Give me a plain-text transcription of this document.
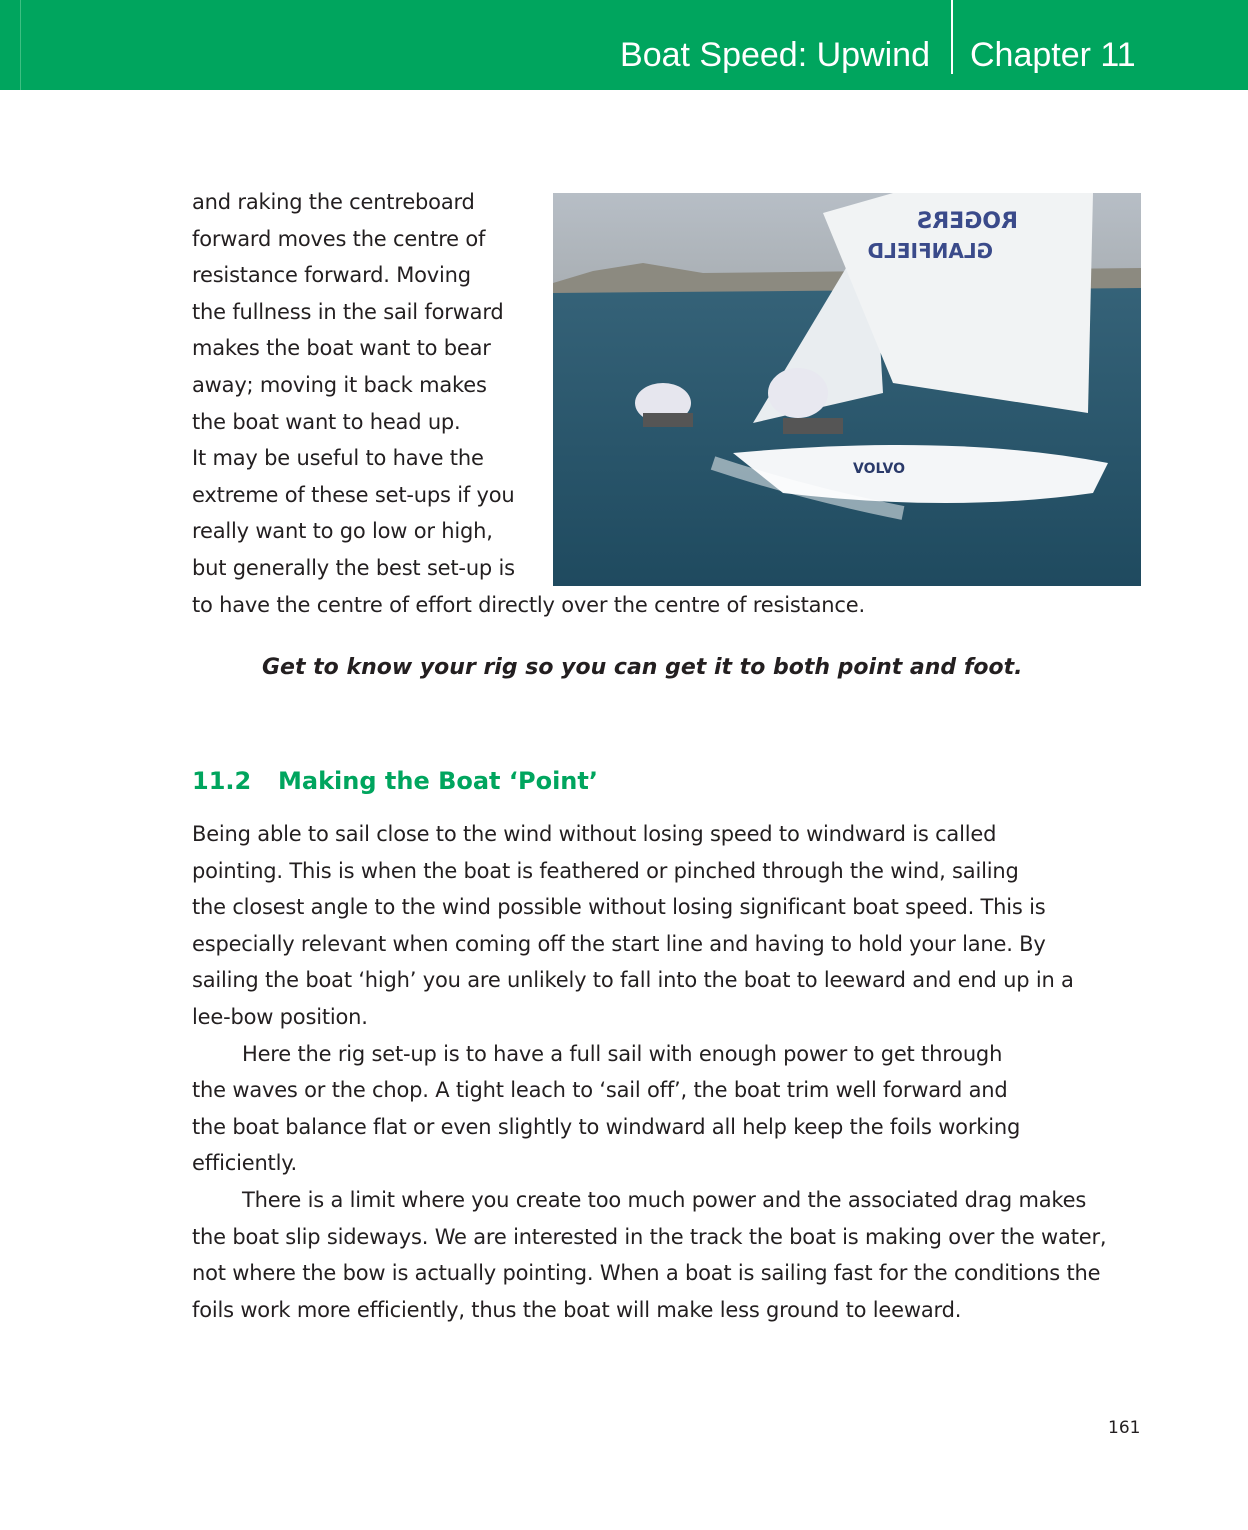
Boat Speed: Upwind Chapter 11
and raking the centreboard
forward moves the centre of
resistance forward. Moving
the fullness in the sail forward
makes the boat want to bear
away; moving it back makes
the boat want to head up.
It may be useful to have the
extreme of these set-ups if you
really want to go low or high,
but generally the best set-up is
to have the centre of effort directly over the centre of resistance.
ROGERS
GLANFIELD
VOLVO
Get to know your rig so you can get it to both point and foot.
11.2 Making the Boat ‘Point’
Being able to sail close to the wind without losing speed to windward is called
pointing. This is when the boat is feathered or pinched through the wind, sailing
the closest angle to the wind possible without losing significant boat speed. This is
especially relevant when coming off the start line and having to hold your lane. By
sailing the boat ‘high’ you are unlikely to fall into the boat to leeward and end up in a
lee-bow position.
Here the rig set-up is to have a full sail with enough power to get through
the waves or the chop. A tight leach to ‘sail off’, the boat trim well forward and
the boat balance flat or even slightly to windward all help keep the foils working
efficiently.
There is a limit where you create too much power and the associated drag makes
the boat slip sideways. We are interested in the track the boat is making over the water,
not where the bow is actually pointing. When a boat is sailing fast for the conditions the
foils work more efficiently, thus the boat will make less ground to leeward.
161
